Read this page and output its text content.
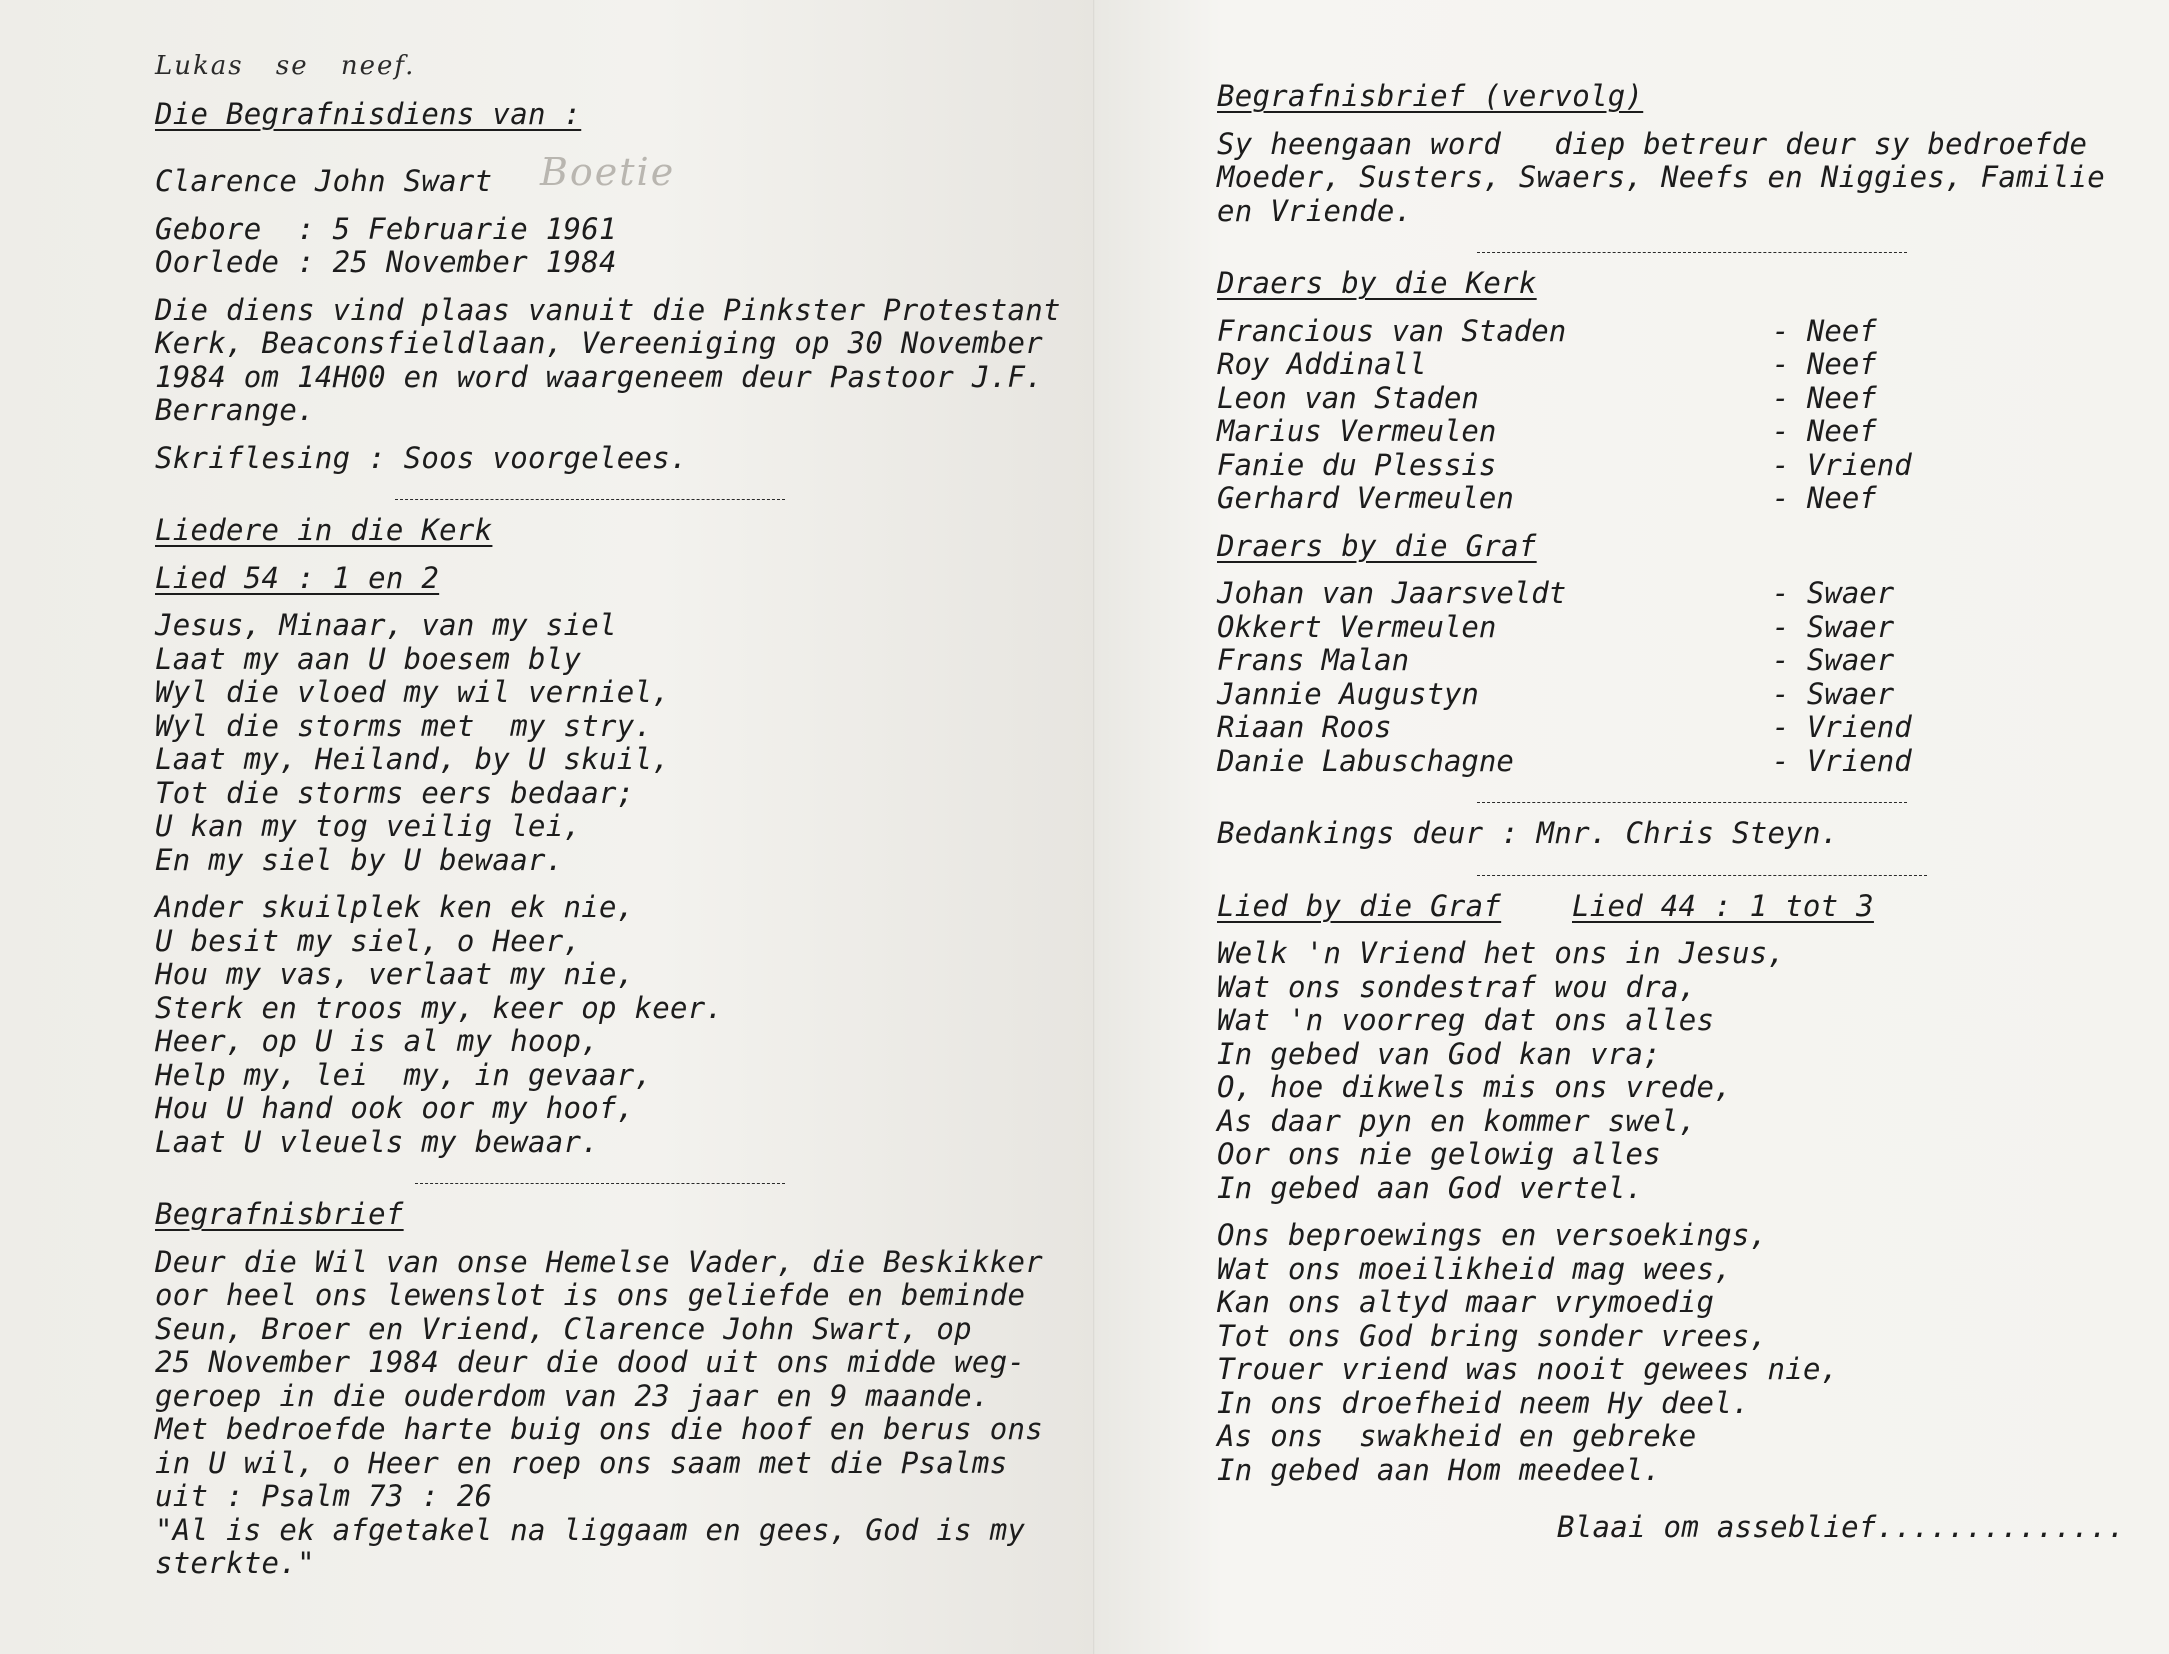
Lukas se neef.
Die Begrafnisdiens van :
Clarence John Swart
Gebore  : 5 Februarie 1961
Oorlede : 25 November 1984
Die diens vind plaas vanuit die Pinkster Protestant
Kerk, Beaconsfieldlaan, Vereeniging op 30 November
1984 om 14H00 en word waargeneem deur Pastoor J.F.
Berrange.
Skriflesing : Soos voorgelees.
Liedere in die Kerk
Lied 54 : 1 en 2
Jesus, Minaar, van my siel
Laat my aan U boesem bly
Wyl die vloed my wil verniel,
Wyl die storms met  my stry.
Laat my, Heiland, by U skuil,
Tot die storms eers bedaar;
U kan my tog veilig lei,
En my siel by U bewaar.
Ander skuilplek ken ek nie,
U besit my siel, o Heer,
Hou my vas, verlaat my nie,
Sterk en troos my, keer op keer.
Heer, op U is al my hoop,
Help my, lei  my, in gevaar,
Hou U hand ook oor my hoof,
Laat U vleuels my bewaar.
Begrafnisbrief
Deur die Wil van onse Hemelse Vader, die Beskikker
oor heel ons lewenslot is ons geliefde en beminde
Seun, Broer en Vriend, Clarence John Swart, op
25 November 1984 deur die dood uit ons midde weg-
geroep in die ouderdom van 23 jaar en 9 maande.
Met bedroefde harte buig ons die hoof en berus ons
in U wil, o Heer en roep ons saam met die Psalms
uit : Psalm 73 : 26
"Al is ek afgetakel na liggaam en gees, God is my
sterkte."
Boetie
Begrafnisbrief (vervolg)
Sy heengaan word   diep betreur deur sy bedroefde
Moeder, Susters, Swaers, Neefs en Niggies, Familie
en Vriende.
Draers by die Kerk
Francious van Staden	- Neef
Roy Addinall	- Neef
Leon van Staden	- Neef
Marius Vermeulen	- Neef
Fanie du Plessis	- Vriend
Gerhard Vermeulen	- Neef
Draers by die Graf
Johan van Jaarsveldt	- Swaer
Okkert Vermeulen	- Swaer
Frans Malan	- Swaer
Jannie Augustyn	- Swaer
Riaan Roos	- Vriend
Danie Labuschagne	- Vriend
Bedankings deur : Mnr. Chris Steyn.
Lied by die Graf	Lied 44 : 1 tot 3
Welk 'n Vriend het ons in Jesus,
Wat ons sondestraf wou dra,
Wat 'n voorreg dat ons alles
In gebed van God kan vra;
O, hoe dikwels mis ons vrede,
As daar pyn en kommer swel,
Oor ons nie gelowig alles
In gebed aan God vertel.
Ons beproewings en versoekings,
Wat ons moeilikheid mag wees,
Kan ons altyd maar vrymoedig
Tot ons God bring sonder vrees,
Trouer vriend was nooit gewees nie,
In ons droefheid neem Hy deel.
As ons  swakheid en gebreke
In gebed aan Hom meedeel.
Blaai om asseblief..............
